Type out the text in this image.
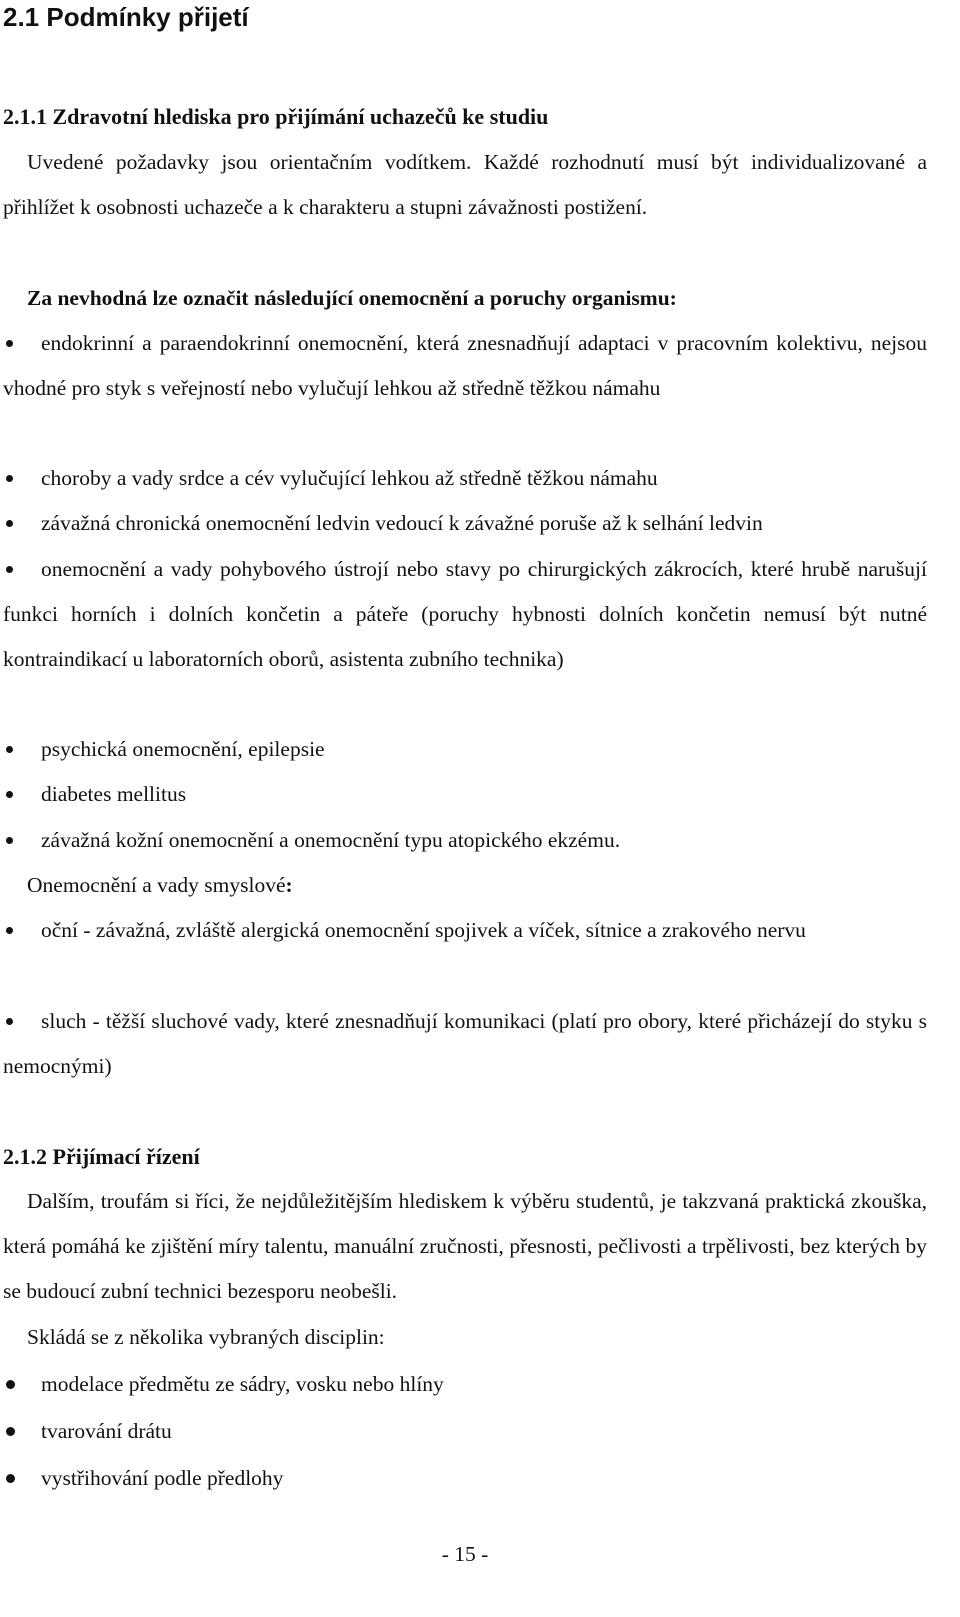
2.1 Podmínky přijetí
2.1.1 Zdravotní hlediska pro přijímání uchazečů ke studiu

Uvedené požadavky jsou orientačním vodítkem. Každé rozhodnutí musí být individualizované a přihlížet k osobnosti uchazeče a k charakteru a stupni závažnosti postižení.

Za nevhodná lze označit následující onemocnění a poruchy organismu:

endokrinní a paraendokrinní onemocnění, která znesnadňují adaptaci v pracovním kolektivu, nejsou vhodné pro styk s veřejností nebo vylučují lehkou až středně těžkou námahu
choroby a vady srdce a cév vylučující lehkou až středně těžkou námahu
závažná chronická onemocnění ledvin vedoucí k závažné poruše až k selhání ledvin
onemocnění a vady pohybového ústrojí nebo stavy po chirurgických zákrocích, které hrubě narušují funkci horních i dolních končetin a páteře (poruchy hybnosti dolních končetin nemusí být nutné kontraindikací u laboratorních oborů, asistenta zubního technika)
psychická onemocnění, epilepsie
diabetes mellitus
závažná kožní onemocnění a onemocnění typu atopického ekzému.

Onemocnění a vady smyslové:

oční - závažná, zvláště alergická onemocnění spojivek a víček, sítnice a zrakového nervu
sluch - těžší sluchové vady, které znesnadňují komunikaci (platí pro obory, které přicházejí do styku s nemocnými)
2.1.2 Přijímací řízení

Dalším, troufám si říci, že nejdůležitějším hlediskem k výběru studentů, je takzvaná praktická zkouška, která pomáhá ke zjištění míry talentu, manuální zručnosti, přesnosti, pečlivosti a trpělivosti, bez kterých by se budoucí zubní technici bezesporu neobešli.

Skládá se z několika vybraných disciplin:

modelace předmětu ze sádry, vosku nebo hlíny
tvarování drátu
vystřihování podle předlohy
- 15 -
